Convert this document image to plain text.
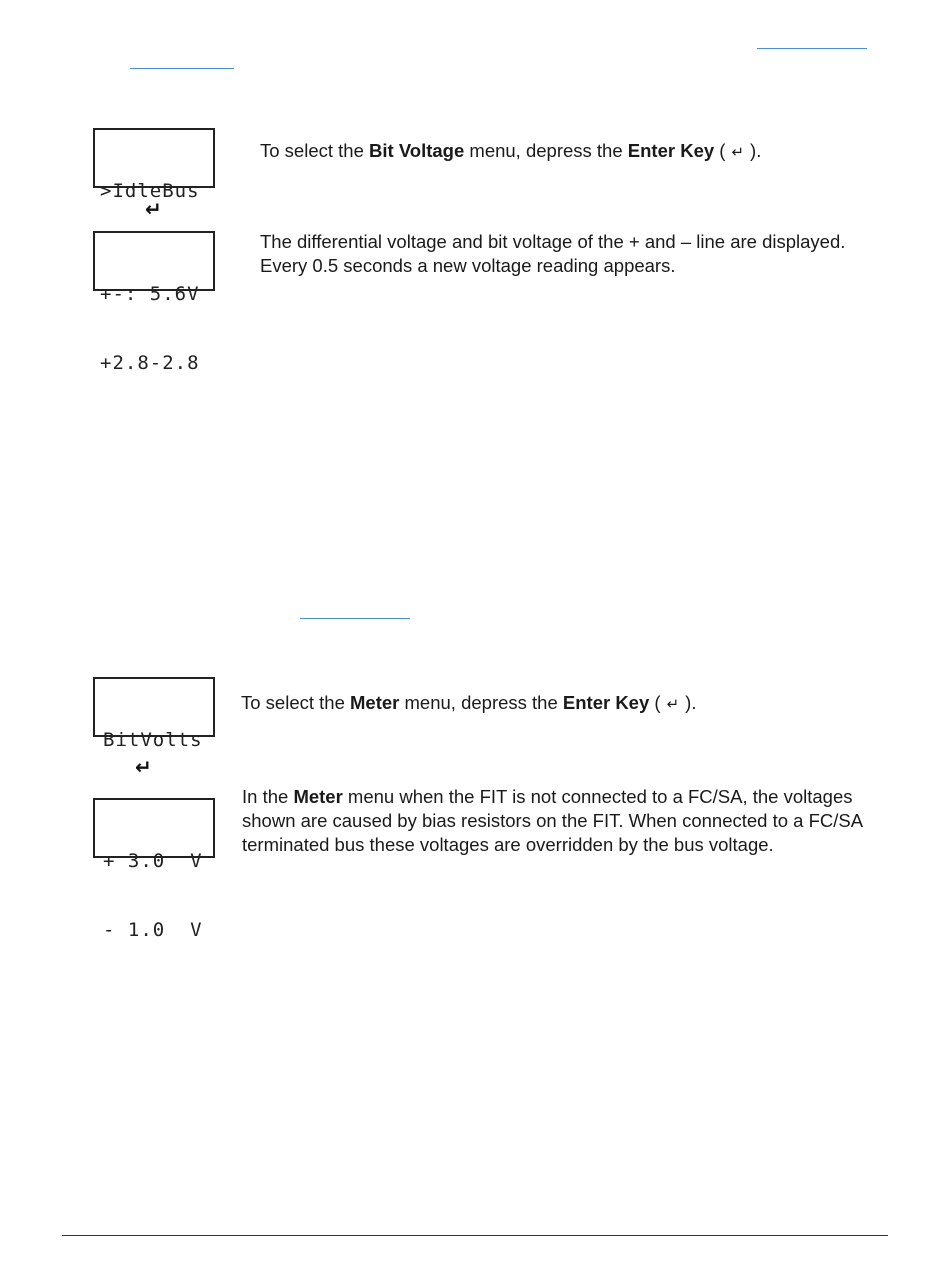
>IdleBus

To select the Bit Voltage menu, depress the Enter Key ( ↵ ).
↵

+-: 5.6V

+2.8-2.8

The differential voltage and bit voltage of the + and – line are displayed.
Every 0.5 seconds a new voltage reading appears.

BitVolts

To select the Meter menu, depress the Enter Key ( ↵ ).
↵

+ 3.0  V

- 1.0  V

In the Meter menu when the FIT is not connected to a FC/SA, the voltages
shown are caused by bias resistors on the FIT. When connected to a FC/SA
terminated bus these voltages are overridden by the bus voltage.
